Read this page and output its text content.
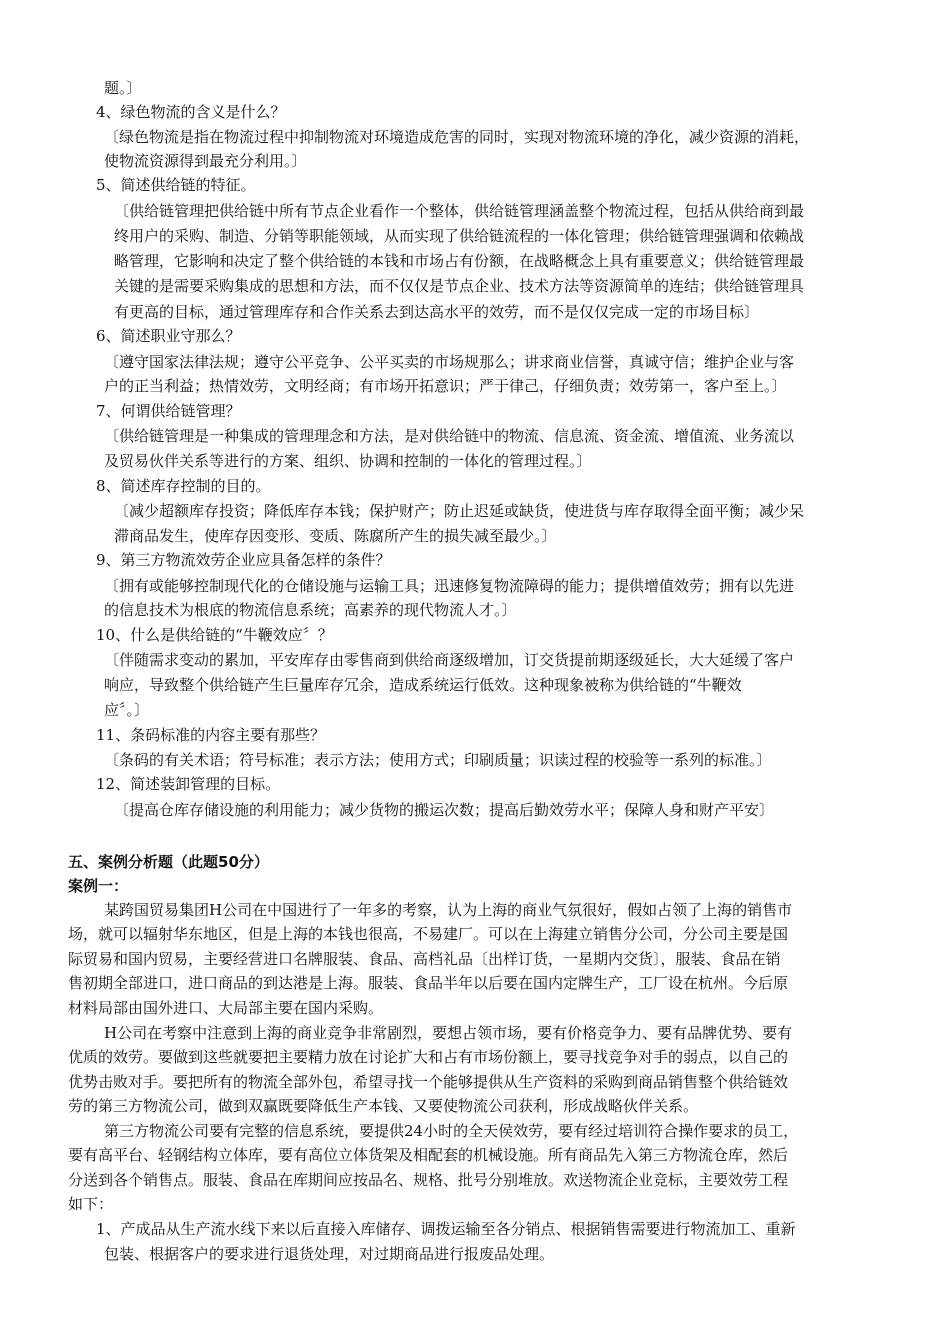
题。〕
4、绿色物流的含义是什么？
〔绿色物流是指在物流过程中抑制物流对环境造成危害的同时，实现对物流环境的净化，减少资源的消耗，
使物流资源得到最充分利用。〕
5、简述供给链的特征。
〔供给链管理把供给链中所有节点企业看作一个整体，供给链管理涵盖整个物流过程，包括从供给商到最
终用户的采购、制造、分销等职能领域，从而实现了供给链流程的一体化管理；供给链管理强调和依赖战
略管理，它影响和决定了整个供给链的本钱和市场占有份额，在战略概念上具有重要意义；供给链管理最
关键的是需要采购集成的思想和方法，而不仅仅是节点企业、技术方法等资源简单的连结；供给链管理具
有更高的目标，通过管理库存和合作关系去到达高水平的效劳，而不是仅仅完成一定的市场目标〕
6、简述职业守那么？
〔遵守国家法律法规；遵守公平竞争、公平买卖的市场规那么；讲求商业信誉，真诚守信；维护企业与客
户的正当利益；热情效劳，文明经商；有市场开拓意识；严于律己，仔细负责；效劳第一，客户至上。〕
7、何谓供给链管理？
〔供给链管理是一种集成的管理理念和方法，是对供给链中的物流、信息流、资金流、增值流、业务流以
及贸易伙伴关系等进行的方案、组织、协调和控制的一体化的管理过程。〕
8、简述库存控制的目的。
〔减少超额库存投资；降低库存本钱；保护财产；防止迟延或缺货，使进货与库存取得全面平衡；减少呆
滞商品发生，使库存因变形、变质、陈腐所产生的损失减至最少。〕
9、第三方物流效劳企业应具备怎样的条件？
〔拥有或能够控制现代化的仓储设施与运输工具；迅速修复物流障碍的能力；提供增值效劳；拥有以先进
的信息技术为根底的物流信息系统；高素养的现代物流人才。〕
10、什么是供给链的“牛鞭效应〞？
〔伴随需求变动的累加，平安库存由零售商到供给商逐级增加，订交货提前期逐级延长，大大延缓了客户
响应，导致整个供给链产生巨量库存冗余，造成系统运行低效。这种现象被称为供给链的“牛鞭效
应〞。〕
11、条码标准的内容主要有那些？
〔条码的有关术语；符号标准；表示方法；使用方式；印刷质量；识读过程的校验等一系列的标准。〕
12、简述装卸管理的目标。
〔提高仓库存储设施的利用能力；减少货物的搬运次数；提高后勤效劳水平；保障人身和财产平安〕
五、案例分析题（此题50分）
案例一：
某跨国贸易集团H公司在中国进行了一年多的考察，认为上海的商业气氛很好，假如占领了上海的销售市
场，就可以辐射华东地区，但是上海的本钱也很高，不易建厂。可以在上海建立销售分公司，分公司主要是国
际贸易和国内贸易，主要经营进口名牌服装、食品、高档礼品〔出样订货，一星期内交货〕，服装、食品在销
售初期全部进口，进口商品的到达港是上海。服装、食品半年以后要在国内定牌生产，工厂设在杭州。今后原
材料局部由国外进口、大局部主要在国内采购。
H公司在考察中注意到上海的商业竞争非常剧烈，要想占领市场，要有价格竞争力、要有品牌优势、要有
优质的效劳。要做到这些就要把主要精力放在讨论扩大和占有市场份额上，要寻找竞争对手的弱点，以自己的
优势击败对手。要把所有的物流全部外包，希望寻找一个能够提供从生产资料的采购到商品销售整个供给链效
劳的第三方物流公司，做到双赢既要降低生产本钱、又要使物流公司获利，形成战略伙伴关系。
第三方物流公司要有完整的信息系统，要提供24小时的全天侯效劳，要有经过培训符合操作要求的员工，
要有高平台、轻钢结构立体库，要有高位立体货架及相配套的机械设施。所有商品先入第三方物流仓库，然后
分送到各个销售点。服装、食品在库期间应按品名、规格、批号分别堆放。欢送物流企业竞标，主要效劳工程
如下：
1、产成品从生产流水线下来以后直接入库储存、调拨运输至各分销点、根据销售需要进行物流加工、重新
包装、根据客户的要求进行退货处理，对过期商品进行报废品处理。
